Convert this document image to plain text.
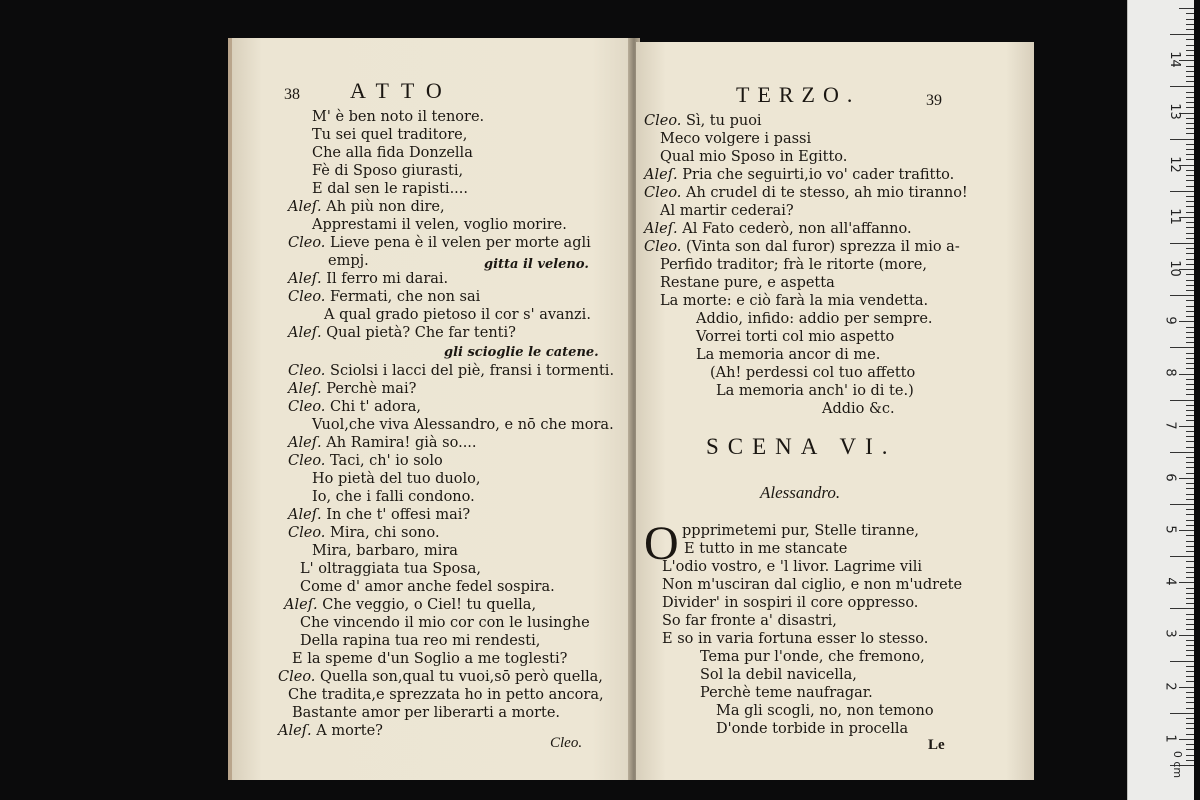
38 ATTO
gitta il veleno.
gli scioglie le catene.
M' è ben noto il tenore.
Tu sei quel traditore,
Che alla fida Donzella
Fè di Sposo giurasti,
E dal sen le rapisti....
Aleſ. Ah più non dire,
Apprestami il velen, voglio morire.
Cleo. Lieve pena è il velen per morte agli
empj.
Aleſ. Il ferro mi darai.
Cleo. Fermati, che non sai
A qual grado pietoso il cor s' avanzi.
Aleſ. Qual pietà? Che far tenti?
Cleo. Sciolsi i lacci del piè, fransi i tormenti.
Aleſ. Perchè mai?
Cleo. Chi t' adora,
Vuol,che viva Alessandro, e nō che mora.
Aleſ. Ah Ramira! già so....
Cleo. Taci, ch' io solo
Ho pietà del tuo duolo,
Io, che i falli condono.
Aleſ. In che t' offesi mai?
Cleo. Mira, chi sono.
Mira, barbaro, mira
L' oltraggiata tua Sposa,
Come d' amor anche fedel sospira.
Aleſ. Che veggio, o Ciel! tu quella,
Che vincendo il mio cor con le lusinghe
Della rapina tua reo mi rendesti,
E la speme d'un Soglio a me toglesti?
Cleo. Quella son,qual tu vuoi,sō però quella,
Che tradita,e sprezzata ho in petto ancora,
Bastante amor per liberarti a morte.
Aleſ. A morte?
Cleo.
TERZO.	39
Cleo. Sì, tu puoi
Meco volgere i passi
Qual mio Sposo in Egitto.
Aleſ. Pria che seguirti,io vo' cader trafitto.
Cleo. Ah crudel di te stesso, ah mio tiranno!
Al martir cederai?
Aleſ. Al Fato cederò, non all'affanno.
Cleo. (Vinta son dal furor) sprezza il mio a-
Perfido traditor; frà le ritorte (more,
Restane pure, e aspetta
La morte: e ciò farà la mia vendetta.
Addio, infido: addio per sempre.
Vorrei torti col mio aspetto
La memoria ancor di me.
(Ah! perdessi col tuo affetto
La memoria anch' io di te.)
Addio &c.
SCENA VI.
Alessandro.
O ppprimetemi pur, Stelle tiranne,
E tutto in me stancate
L'odio vostro, e 'l livor. Lagrime vili
Non m'usciran dal ciglio, e non m'udrete
Divider' in sospiri il core oppresso.
So far fronte a' disastri,
E so in varia fortuna esser lo stesso.
Tema pur l'onde, che fremono,
Sol la debil navicella,
Perchè teme naufragar.
Ma gli scogli, no, non temono
D'onde torbide in procella
Le
14
13
12
11
10
9
8
7
6
5
4
3
2
1
0 cm
